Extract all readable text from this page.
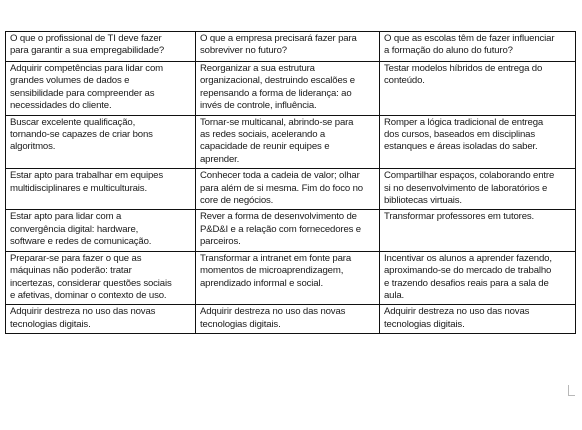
O que o profissional de TI deve fazer
para garantir a sua empregabilidade?	O que a empresa precisará fazer para
sobreviver no futuro?	O que as escolas têm de fazer influenciar
a formação do aluno do futuro?
Adquirir competências para lidar com
grandes volumes de dados e
sensibilidade para compreender as
necessidades do cliente.	Reorganizar a sua estrutura
organizacional, destruindo escalões e
repensando a forma de liderança: ao
invés de controle, influência.	Testar modelos híbridos de entrega do
conteúdo.
Buscar excelente qualificação,
tornando-se capazes de criar bons
algoritmos.	Tornar-se multicanal, abrindo-se para
as redes sociais, acelerando a
capacidade de reunir equipes e
aprender.	Romper a lógica tradicional de entrega
dos cursos, baseados em disciplinas
estanques e áreas isoladas do saber.
Estar apto para trabalhar em equipes
multidisciplinares e multiculturais.	Conhecer toda a cadeia de valor; olhar
para além de si mesma. Fim do foco no
core de negócios.	Compartilhar espaços, colaborando entre
si no desenvolvimento de laboratórios e
bibliotecas virtuais.
Estar apto para lidar com a
convergência digital: hardware,
software e redes de comunicação.	Rever a forma de desenvolvimento de
P&D&I e a relação com fornecedores e
parceiros.	Transformar professores em tutores.
Preparar-se para fazer o que as
máquinas não poderão: tratar
incertezas, considerar questões sociais
e afetivas, dominar o contexto de uso.	Transformar a intranet em fonte para
momentos de microaprendizagem,
aprendizado informal e social.	Incentivar os alunos a aprender fazendo,
aproximando-se do mercado de trabalho
e trazendo desafios reais para a sala de
aula.
Adquirir destreza no uso das novas
tecnologias digitais.	Adquirir destreza no uso das novas
tecnologias digitais.	Adquirir destreza no uso das novas
tecnologias digitais.
